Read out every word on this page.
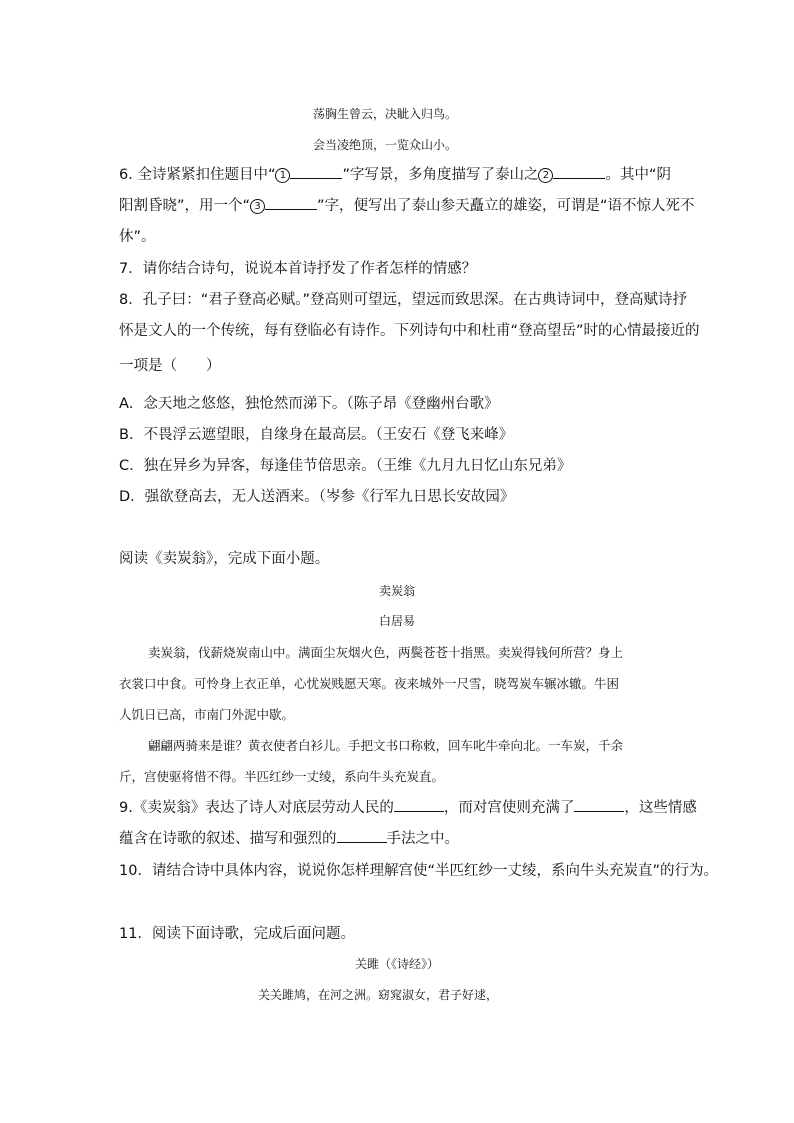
荡胸生曾云，决眦入归鸟。
会当凌绝顶，一览众山小。
6. 全诗紧紧扣住题目中“ 1	”字写景，多角度描写了泰山之 2	。其中“阴
阳割昏晓”，用一个“ 3	”字，便写出了泰山参天矗立的雄姿，可谓是“语不惊人死不
休”。
7．请你结合诗句，说说本首诗抒发了作者怎样的情感？
8．孔子曰：“君子登高必赋。”登高则可望远，望远而致思深。在古典诗词中，登高赋诗抒
怀是文人的一个传统，每有登临必有诗作。下列诗句中和杜甫“登高望岳”时的心情最接近的
一项是（　　）
A．念天地之悠悠，独怆然而涕下。（陈子昂《登幽州台歌》
B．不畏浮云遮望眼，自缘身在最高层。（王安石《登飞来峰》
C．独在异乡为异客，每逢佳节倍思亲。（王维《九月九日忆山东兄弟》
D．强欲登高去，无人送酒来。（岑参《行军九日思长安故园》
阅读《卖炭翁》，完成下面小题。
卖炭翁
白居易
卖炭翁，伐薪烧炭南山中。满面尘灰烟火色，两鬓苍苍十指黑。卖炭得钱何所营？身上
衣裳口中食。可怜身上衣正单，心忧炭贱愿天寒。夜来城外一尺雪，晓驾炭车辗冰辙。牛困
人饥日已高，市南门外泥中歇。
翩翩两骑来是谁？黄衣使者白衫儿。手把文书口称敕，回车叱牛牵向北。一车炭，千余
斤，宫使驱将惜不得。半匹红纱一丈绫，系向牛头充炭直。
9.《卖炭翁》表达了诗人对底层劳动人民的	，而对宫使则充满了	，这些情感
蕴含在诗歌的叙述、描写和强烈的	手法之中。
10．请结合诗中具体内容，说说你怎样理解宫使“半匹红纱一丈绫，系向牛头充炭直”的行为。
11．阅读下面诗歌，完成后面问题。
关雎（《诗经》）
关关雎鸠，在河之洲。窈窕淑女，君子好逑，
